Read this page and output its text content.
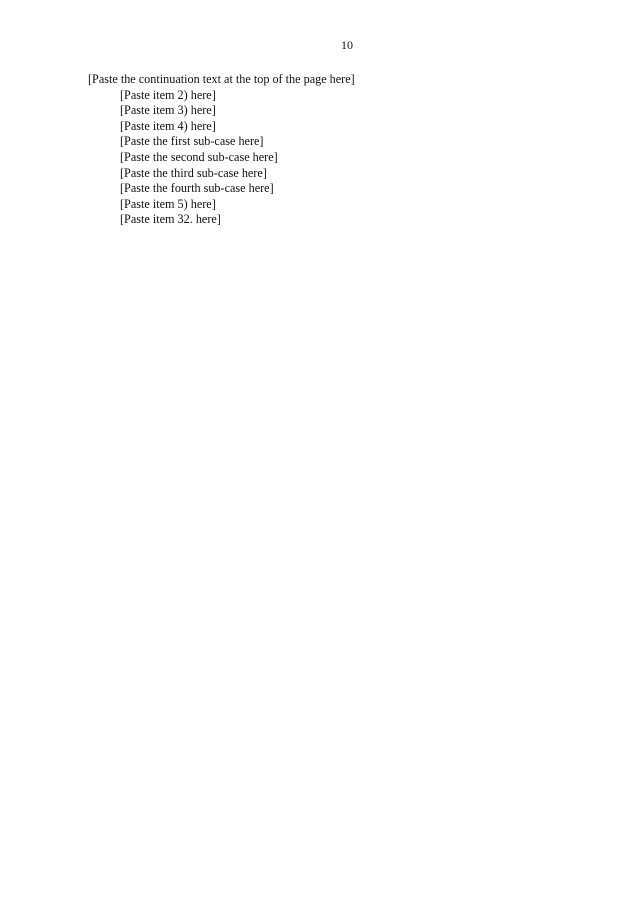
10

[Paste the continuation text at the top of the page here]

[Paste item 2) here]

[Paste item 3) here]

[Paste item 4) here]

[Paste the first sub-case here]

[Paste the second sub-case here]

[Paste the third sub-case here]

[Paste the fourth sub-case here]

[Paste item 5) here]

[Paste item 32. here]
